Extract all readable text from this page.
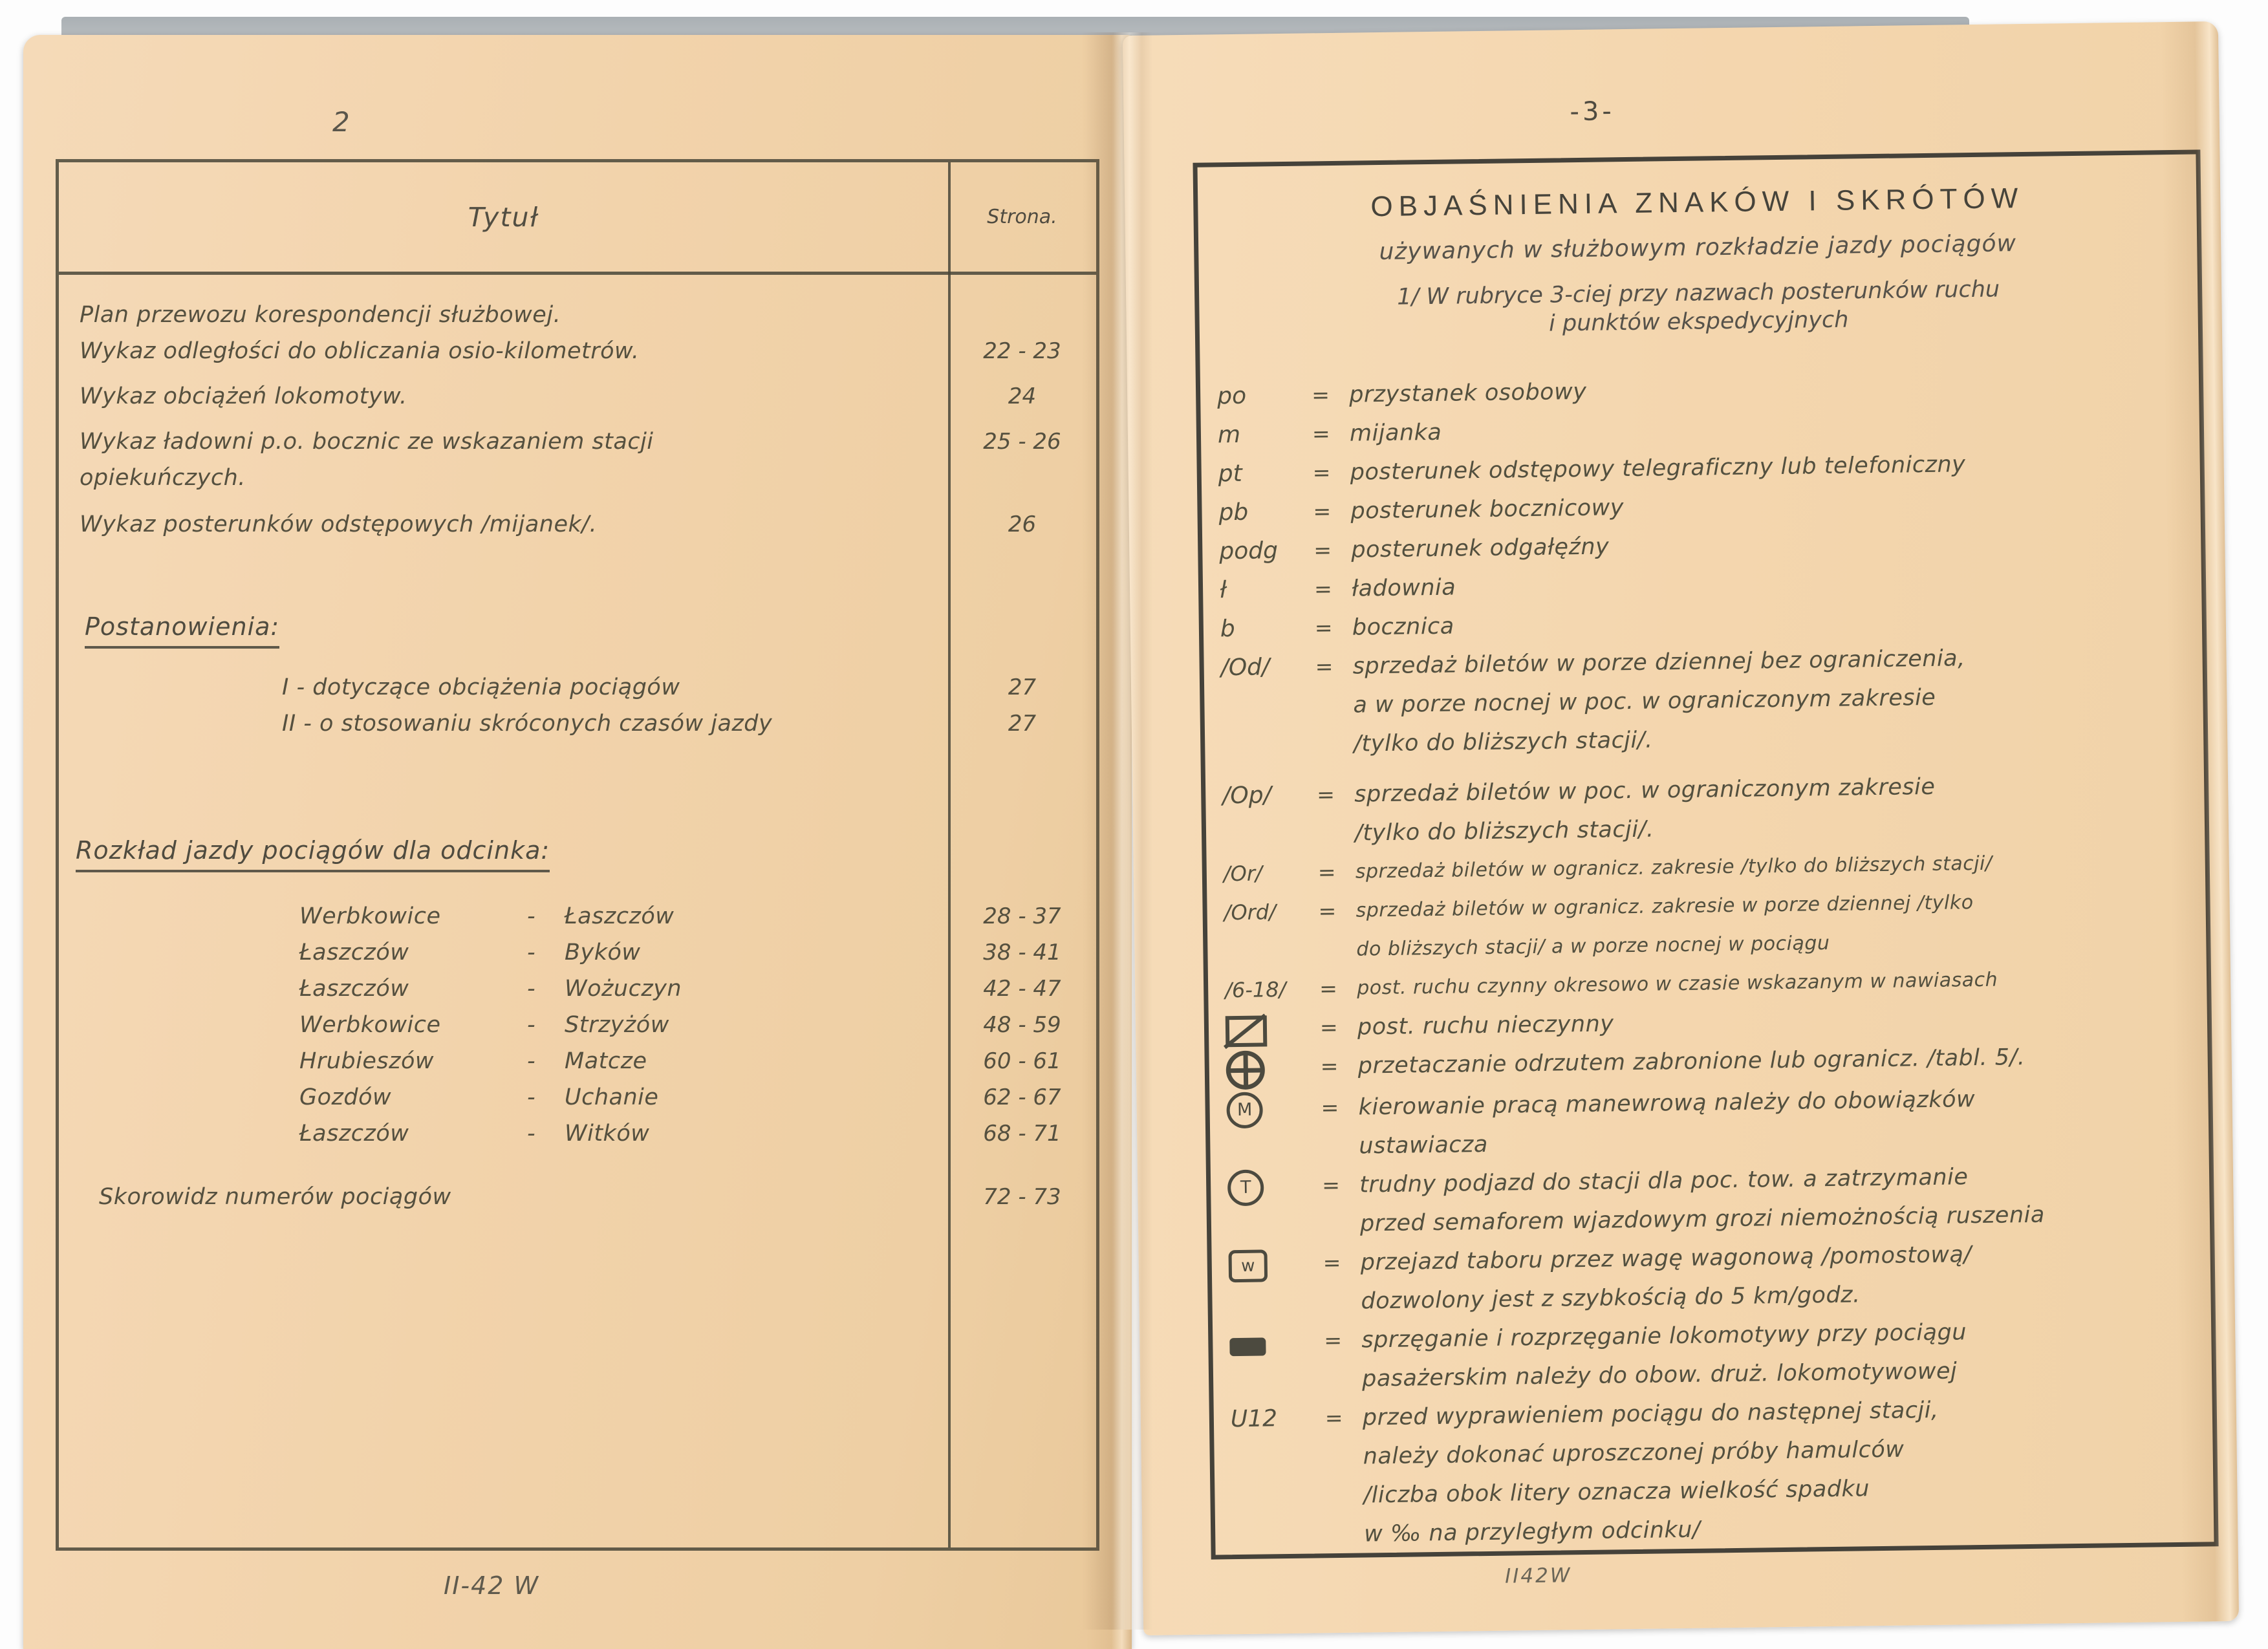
2
Tytuł	Strona.
Plan przewozu korespondencji służbowej.
Wykaz odległości do obliczania osio-kilometrów.	22 - 23
Wykaz obciążeń lokomotyw.	24
Wykaz ładowni p.o. bocznic ze wskazaniem stacji
opiekuńczych.
25 - 26
Wykaz posterunków odstępowych /mijanek/.	26
Postanowienia:
I - dotyczące obciążenia pociągów	27
II - o stosowaniu skróconych czasów jazdy	27
Rozkład jazdy pociągów dla odcinka:
Werbkowice	-	Łaszczów	28 - 37
Łaszczów	-	Byków	38 - 41
Łaszczów	-	Wożuczyn	42 - 47
Werbkowice	-	Strzyżów	48 - 59
Hrubieszów	-	Matcze	60 - 61
Gozdów	-	Uchanie	62 - 67
Łaszczów	-	Witków	68 - 71
Skorowidz numerów pociągów	72 - 73
II-42 W
-3-
OBJAŚNIENIA ZNAKÓW I SKRÓTÓW
używanych w służbowym rozkładzie jazdy pociągów
1/ W rubryce 3-ciej przy nazwach posterunków ruchu
i punktów ekspedycyjnych
po	= przystanek osobowy
m	= mijanka
pt	= posterunek odstępowy telegraficzny lub telefoniczny
pb	= posterunek bocznicowy
podg	= posterunek odgałęźny
ł	= ładownia
b	= bocznica
/Od/	= sprzedaż biletów w porze dziennej bez ograniczenia,
a w porze nocnej w poc. w ograniczonym zakresie
/tylko do bliższych stacji/.
/Op/	= sprzedaż biletów w poc. w ograniczonym zakresie
/tylko do bliższych stacji/.
/Or/	= sprzedaż biletów w ogranicz. zakresie /tylko do bliższych stacji/
/Ord/	= sprzedaż biletów w ogranicz. zakresie w porze dziennej /tylko
do bliższych stacji/ a w porze nocnej w pociągu
/6-18/	= post. ruchu czynny okresowo w czasie wskazanym w nawiasach
= post. ruchu nieczynny
= przetaczanie odrzutem zabronione lub ogranicz. /tabl. 5/.
M	= kierowanie pracą manewrową należy do obowiązków
ustawiacza
T	= trudny podjazd do stacji dla poc. tow. a zatrzymanie
przed semaforem wjazdowym grozi niemożnością ruszenia
w	= przejazd taboru przez wagę wagonową /pomostową/
dozwolony jest z szybkością do 5 km/godz.
= sprzęganie i rozprzęganie lokomotywy przy pociągu
pasażerskim należy do obow. druż. lokomotywowej
U12	= przed wyprawieniem pociągu do następnej stacji,
należy dokonać uproszczonej próby hamulców
/liczba obok litery oznacza wielkość spadku
w ‰ na przyległym odcinku/
II42W
